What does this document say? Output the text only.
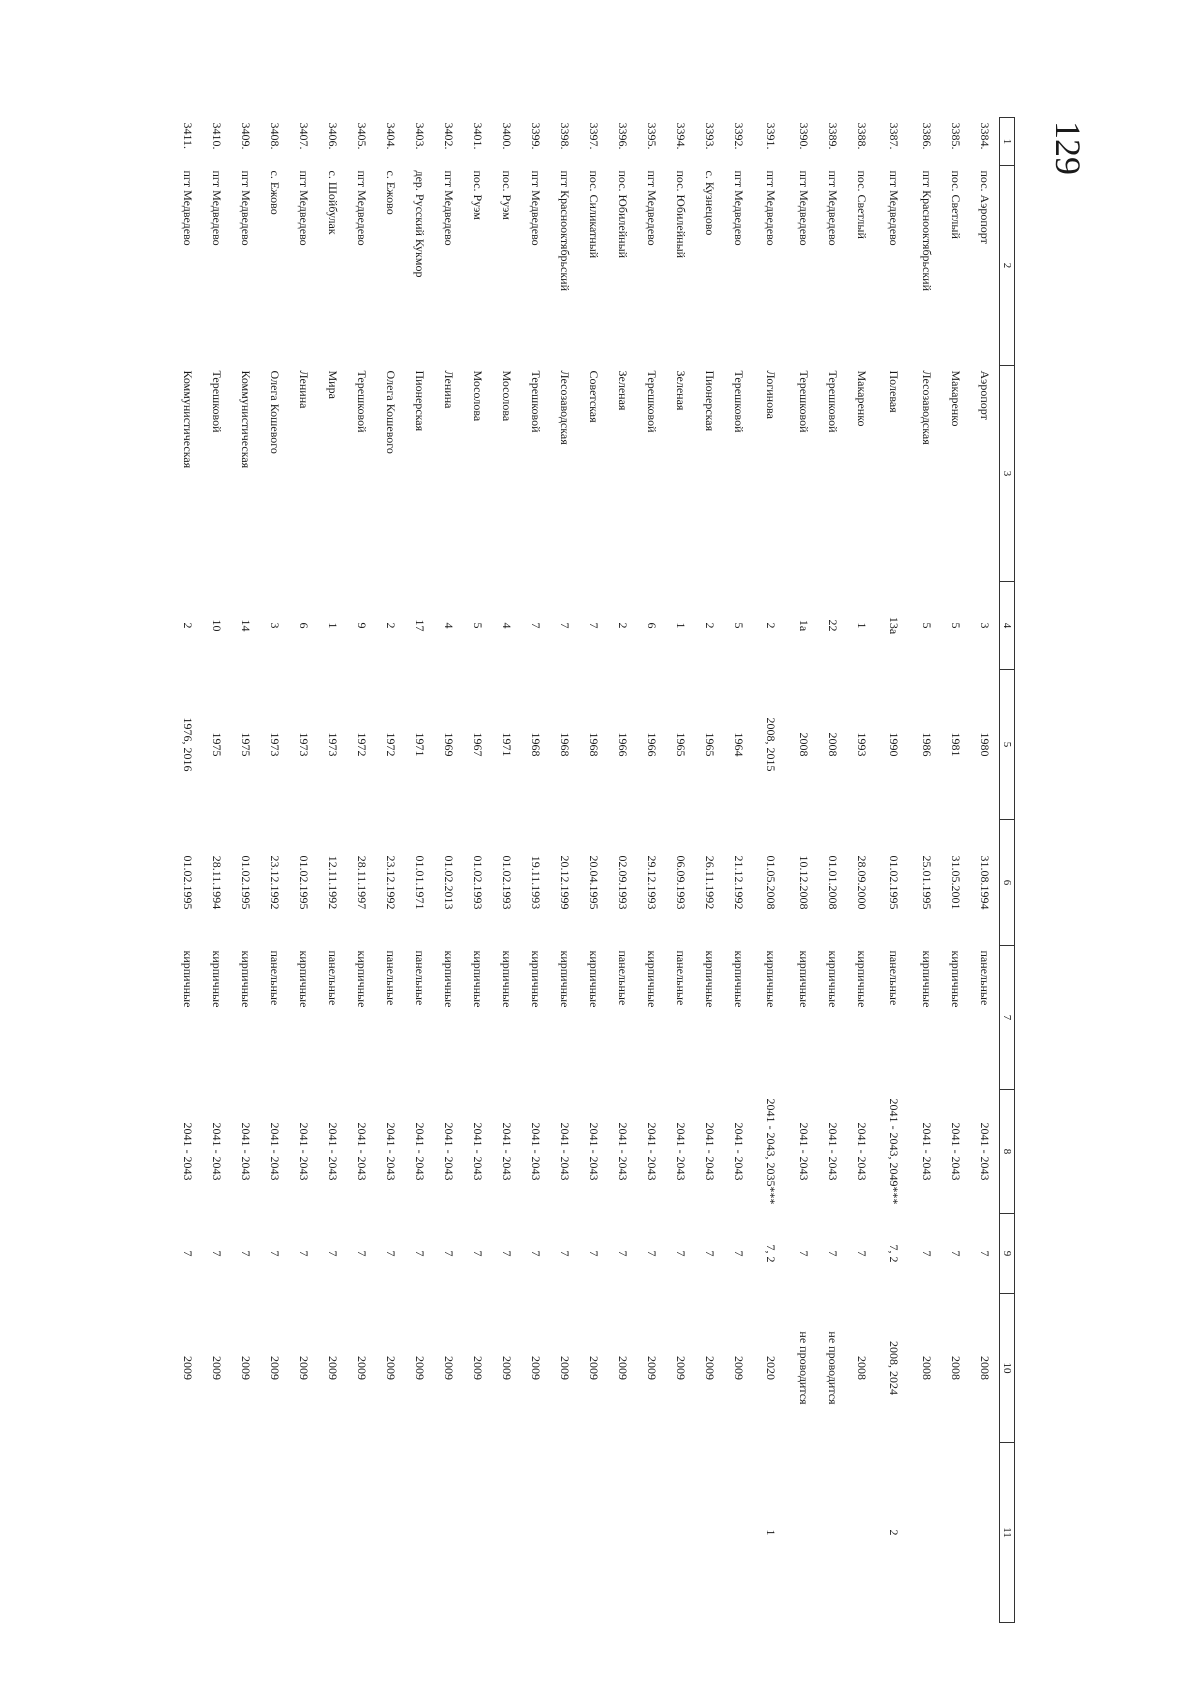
129
1	2	3	4	5	6	7	8	9	10	11
3384.	пос. Аэропорт	Аэропорт	3	1980	31.08.1994	панельные	2041 - 2043	7	2008	
3385.	пос. Светлый	Макаренко	5	1981	31.05.2001	кирпичные	2041 - 2043	7	2008	
3386.	пгт Красноoктябрьский	Лесозаводская	5	1986	25.01.1995	кирпичные	2041 - 2043	7	2008	
3387.	пгт Медведево	Полевая	13а	1990	01.02.1995	панельные	2041 - 2043, 2049***	7, 2	2008, 2024	2
3388.	пос. Светлый	Макаренко	1	1993	28.09.2000	кирпичные	2041 - 2043	7	2008	
3389.	пгт Медведево	Терешковой	22	2008	01.01.2008	кирпичные	2041 - 2043	7	не проводится	
3390.	пгт Медведево	Терешковой	1а	2008	10.12.2008	кирпичные	2041 - 2043	7	не проводится	
3391.	пгт Медведево	Логинова	2	2008, 2015	01.05.2008	кирпичные	2041 - 2043, 2035***	7, 2	2020	1
3392.	пгт Медведево	Терешковой	5	1964	21.12.1992	кирпичные	2041 - 2043	7	2009	
3393.	с. Кузнецово	Пионерская	2	1965	26.11.1992	кирпичные	2041 - 2043	7	2009	
3394.	пос. Юбилейный	Зеленая	1	1965	06.09.1993	панельные	2041 - 2043	7	2009	
3395.	пгт Медведево	Терешковой	6	1966	29.12.1993	кирпичные	2041 - 2043	7	2009	
3396.	пос. Юбилейный	Зеленая	2	1966	02.09.1993	панельные	2041 - 2043	7	2009	
3397.	пос. Силикатный	Советская	7	1968	20.04.1995	кирпичные	2041 - 2043	7	2009	
3398.	пгт Красноoктябрьский	Лесозаводская	7	1968	20.12.1999	кирпичные	2041 - 2043	7	2009	
3399.	пгт Медведево	Терешковой	7	1968	19.11.1993	кирпичные	2041 - 2043	7	2009	
3400.	пос. Руэм	Мосолова	4	1971	01.02.1993	кирпичные	2041 - 2043	7	2009	
3401.	пос. Руэм	Мосолова	5	1967	01.02.1993	кирпичные	2041 - 2043	7	2009	
3402.	пгт Медведево	Ленина	4	1969	01.02.2013	кирпичные	2041 - 2043	7	2009	
3403.	дер. Русский Кукмор	Пионерская	17	1971	01.01.1971	панельные	2041 - 2043	7	2009	
3404.	с. Ежово	Олега Кошевого	2	1972	23.12.1992	панельные	2041 - 2043	7	2009	
3405.	пгт Медведево	Терешковой	9	1972	28.11.1997	кирпичные	2041 - 2043	7	2009	
3406.	с. Шойбулак	Мира	1	1973	12.11.1992	панельные	2041 - 2043	7	2009	
3407.	пгт Медведево	Ленина	6	1973	01.02.1995	кирпичные	2041 - 2043	7	2009	
3408.	с. Ежово	Олега Кошевого	3	1973	23.12.1992	панельные	2041 - 2043	7	2009	
3409.	пгт Медведево	Коммунистическая	14	1975	01.02.1995	кирпичные	2041 - 2043	7	2009	
3410.	пгт Медведево	Терешковой	10	1975	28.11.1994	кирпичные	2041 - 2043	7	2009	
3411.	пгт Медведево	Коммунистическая	2	1976, 2016	01.02.1995	кирпичные	2041 - 2043	7	2009	
